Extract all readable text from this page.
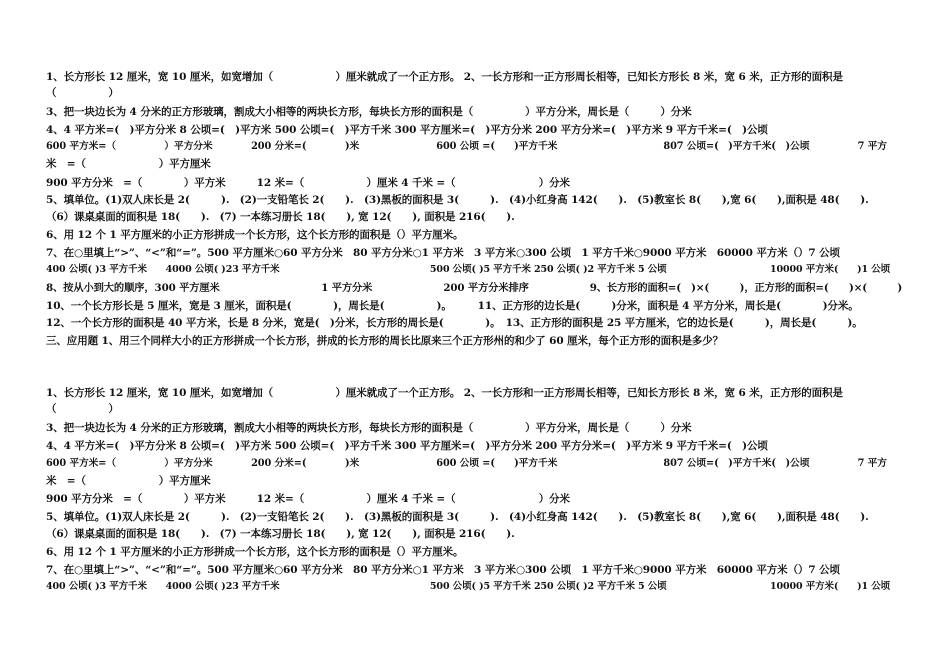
1、长方形长 12 厘米，宽 10 厘米，如宽增加（　　　　　　）厘米就成了一个正方形。 2、一长方形和一正方形周长相等，已知长方形长 8 米，宽 6 米，正方形的面积是
（　　　　　）
3、把一块边长为 4 分米的正方形玻璃，割成大小相等的两块长方形，每块长方形的面积是（　　　　　）平方分米，周长是（　　　）分米
4、4 平方米=(　)平方分米 8 公顷=(　)平方米 500 公顷=(　)平方千米 300 平方厘米=(　)平方分米 200 平方分米=(　)平方米 9 平方千米=(　)公顷
600 平方米=（　　　　　）平方分米　　　　200 分米=(　　　　)米　　　　　　　　600 公顷 =(　　)平方千米　　　　　　　　　　　807 公顷=(　)平方千米(　)公顷　　　　　7 平方
米　=（　　　　　　　）平方厘米
900 平方分米　=（　　　　）平方米　　　12 米=（　　　　　　）厘米 4 千米 =（　　　　　　　　）分米
5、填单位。(1)双人床长是 2(　　　).　(2)一支铅笔长 2(　　).　(3)黑板的面积是 3(　　　).　(4)小红身高 142(　　).　(5)教室长 8(　　),宽 6(　　),面积是 48(　　).
（6）课桌桌面的面积是 18(　　).　(7) 一本练习册长 18(　　), 宽 12(　　), 面积是 216(　　).
6、用 12 个 1 平方厘米的小正方形拼成一个长方形，这个长方形的面积是（）平方厘米。
7、在○里填上“>”、“<”和“=”。500 平方厘米○60 平方分米　80 平方分米○1 平方米　3 平方米○300 公顷　1 平方千米○9000 平方米　60000 平方米（）7 公顷
400 公顷( )3 平方千米　　4000 公顷( )23 平方千米　　　　　　　　　　　　　　　　500 公顷( )5 平方千米 250 公顷( )2 平方千米 5 公顷　　　　　　　　　　　10000 平方米(　　)1 公顷
8、按从小到大的顺序，300 平方厘米　　　　　　　　　　1 平方分米　　　　　　　200 平方分米排序　　　　　　9、长方形的面积=(　)×(　　　)，正方形的面积=(　　)×(　　　)
10、一个长方形长是 5 厘米，宽是 3 厘米，面积是(　　　　)，周长是(　　　　　)。　　　11、正方形的边长是(　　　)分米，面积是 4 平方分米，周长是(　　　　)分米。
12、一个长方形的面积是 40 平方米，长是 8 分米，宽是(　)分米，长方形的周长是(　　　　)。　13、正方形的面积是 25 平方厘米，它的边长是(　　　)，周长是(　　　)。
三、应用题 1、用三个同样大小的正方形拼成一个长方形，拼成的长方形的周长比原来三个正方形州的和少了 60 厘米，每个正方形的面积是多少？
1、长方形长 12 厘米，宽 10 厘米，如宽增加（　　　　　　）厘米就成了一个正方形。 2、一长方形和一正方形周长相等，已知长方形长 8 米，宽 6 米，正方形的面积是
（　　　　　）
3、把一块边长为 4 分米的正方形玻璃，割成大小相等的两块长方形，每块长方形的面积是（　　　　　）平方分米，周长是（　　　）分米
4、4 平方米=(　)平方分米 8 公顷=(　)平方米 500 公顷=(　)平方千米 300 平方厘米=(　)平方分米 200 平方分米=(　)平方米 9 平方千米=(　)公顷
600 平方米=（　　　　　）平方分米　　　　200 分米=(　　　　)米　　　　　　　　600 公顷 =(　　)平方千米　　　　　　　　　　　807 公顷=(　)平方千米(　)公顷　　　　　7 平方
米　=（　　　　　　　）平方厘米
900 平方分米　=（　　　　）平方米　　　12 米=（　　　　　　）厘米 4 千米 =（　　　　　　　　）分米
5、填单位。(1)双人床长是 2(　　　).　(2)一支铅笔长 2(　　).　(3)黑板的面积是 3(　　　).　(4)小红身高 142(　　).　(5)教室长 8(　　),宽 6(　　),面积是 48(　　).
（6）课桌桌面的面积是 18(　　).　(7) 一本练习册长 18(　　), 宽 12(　　), 面积是 216(　　).
6、用 12 个 1 平方厘米的小正方形拼成一个长方形，这个长方形的面积是（）平方厘米。
7、在○里填上“>”、“<”和“=”。500 平方厘米○60 平方分米　80 平方分米○1 平方米　3 平方米○300 公顷　1 平方千米○9000 平方米　60000 平方米（）7 公顷
400 公顷( )3 平方千米　　4000 公顷( )23 平方千米　　　　　　　　　　　　　　　　500 公顷( )5 平方千米 250 公顷( )2 平方千米 5 公顷　　　　　　　　　　　10000 平方米(　　)1 公顷
